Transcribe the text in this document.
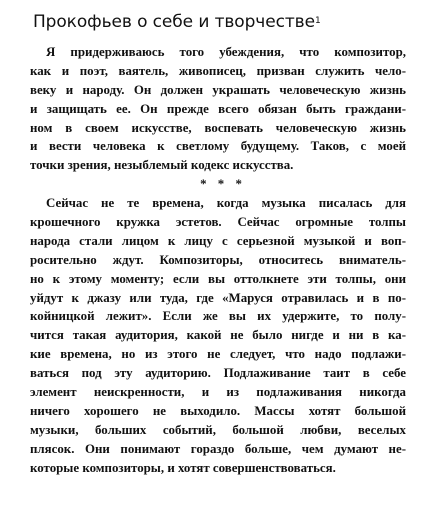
Прокофьев о себе и творчестве$^1$
Я придерживаюсь того убеждения, что композитор,
как и поэт, ваятель, живописец, призван служить чело-
веку и народу. Он должен украшать человеческую жизнь
и защищать ее. Он прежде всего обязан быть граждани-
ном в своем искусстве, воспевать человеческую жизнь
и вести человека к светлому будущему. Таков, с моей
точки зрения, незыблемый кодекс искусства.
* * *
Сейчас не те времена, когда музыка писалась для
крошечного кружка эстетов. Сейчас огромные толпы
народа стали лицом к лицу с серьезной музыкой и воп-
росительно ждут. Композиторы, относитесь вниматель-
но к этому моменту; если вы оттолкнете эти толпы, они
уйдут к джазу или туда, где «Маруся отравилась и в по-
койницкой лежит». Если же вы их удержите, то полу-
чится такая аудитория, какой не было нигде и ни в ка-
кие времена, но из этого не следует, что надо подлажи-
ваться под эту аудиторию. Подлаживание таит в себе
элемент неискренности, и из подлаживания никогда
ничего хорошего не выходило. Массы хотят большой
музыки, больших событий, большой любви, веселых
плясок. Они понимают гораздо больше, чем думают не-
которые композиторы, и хотят совершенствоваться.
